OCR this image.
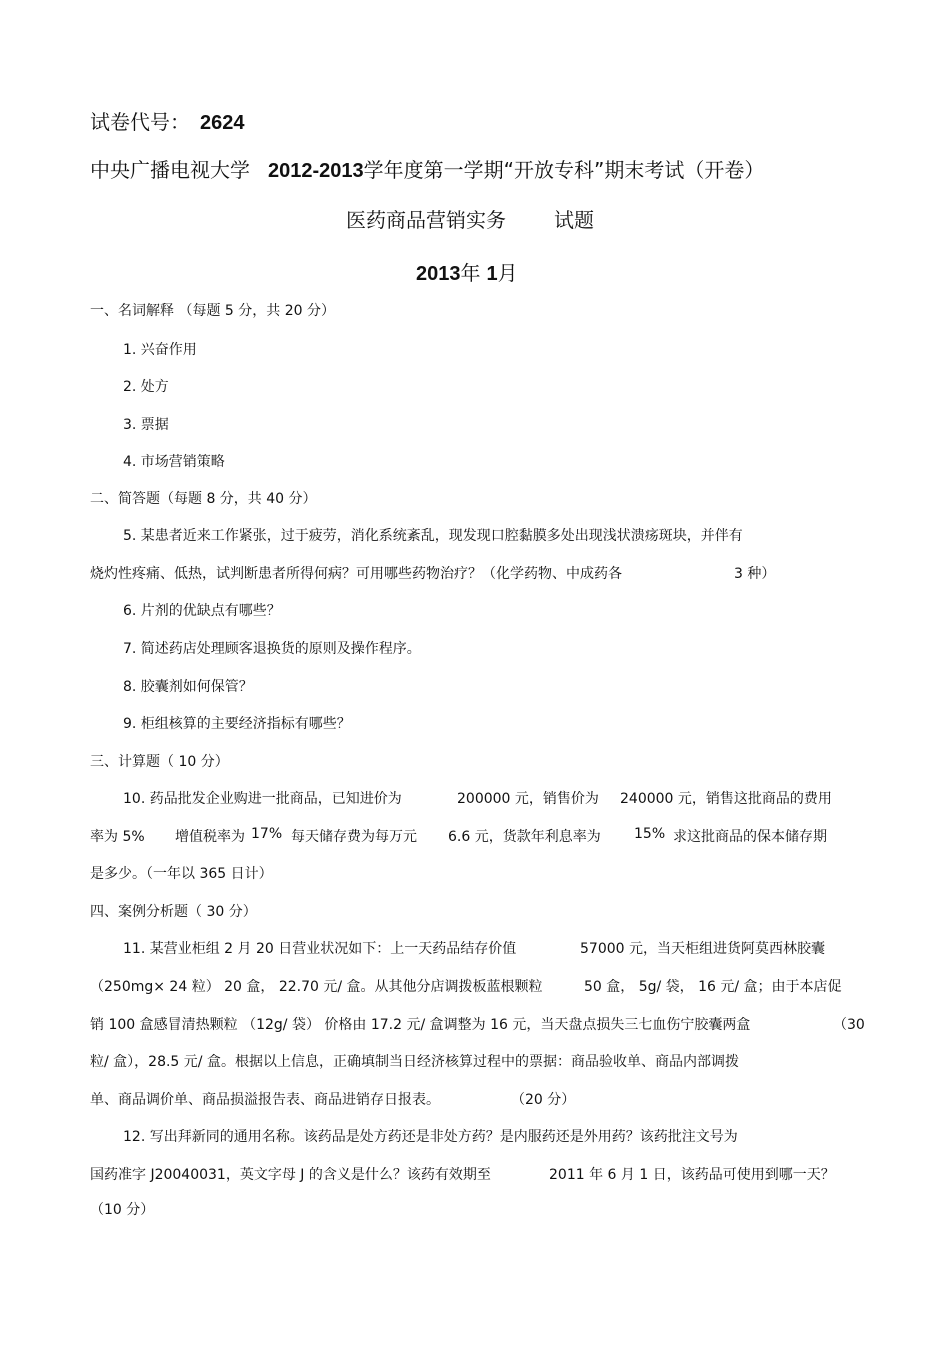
试卷代号： 2624
中央广播电视大学 2012-2013学年度第一学期“开放专科”期末考试（开卷）
医药商品营销实务 试题
2013年 1月
一、名词解释 （每题 5 分，共 20 分）
1. 兴奋作用
2. 处方
3. 票据
4. 市场营销策略
二、简答题（每题 8 分，共 40 分）
5. 某患者近来工作紧张，过于疲劳，消化系统紊乱，现发现口腔黏膜多处出现浅状溃疡斑块，并伴有
烧灼性疼痛、低热，试判断患者所得何病？可用哪些药物治疗？（化学药物、中成药各	3 种）
6. 片剂的优缺点有哪些？
7. 简述药店处理顾客退换货的原则及操作程序。
8. 胶囊剂如何保管？
9. 柜组核算的主要经济指标有哪些？
三、计算题（ 10 分）
10. 药品批发企业购进一批商品，已知进价为	200000 元，销售价为 240000 元，销售这批商品的费用
率为 5% 增值税率为 17% 每天储存费为每万元 6.6 元，货款年利息率为 15% 求这批商品的保本储存期
是多少。（一年以 365 日计）
四、案例分析题（ 30 分）
11. 某营业柜组 2 月 20 日营业状况如下：上一天药品结存价值	57000 元，当天柜组进货阿莫西林胶囊
（250mg× 24 粒） 20 盒， 22.70 元/ 盒。从其他分店调拨板蓝根颗粒	50 盒， 5g/ 袋， 16 元/ 盒；由于本店促
销 100 盒感冒清热颗粒 （12g/ 袋） 价格由 17.2 元/ 盒调整为 16 元，当天盘点损失三七血伤宁胶囊两盒	（30
粒/ 盒），28.5 元/ 盒。根据以上信息，正确填制当日经济核算过程中的票据：商品验收单、商品内部调拨
单、商品调价单、商品损溢报告表、商品进销存日报表。	（20 分）
12. 写出拜新同的通用名称。该药品是处方药还是非处方药？是内服药还是外用药？该药批注文号为
国药准字 J20040031，英文字母 J 的含义是什么？该药有效期至	2011 年 6 月 1 日，该药品可使用到哪一天？
（10 分）
